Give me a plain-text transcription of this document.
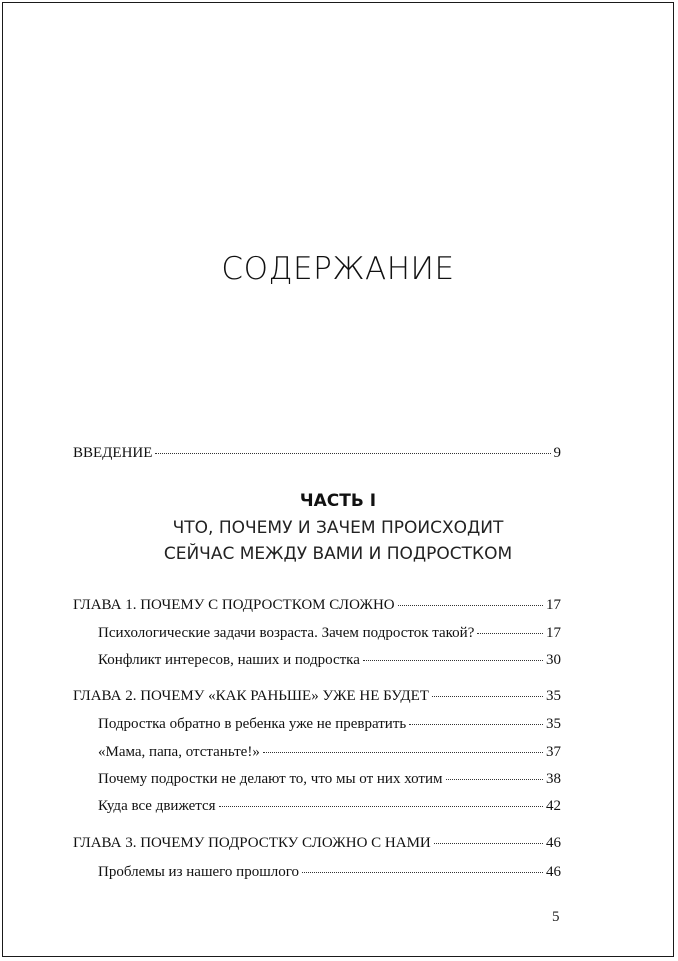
СОДЕРЖАНИЕ
ВВЕДЕНИЕ	9
ЧАСТЬ I
ЧТО, ПОЧЕМУ И ЗАЧЕМ ПРОИСХОДИТ
СЕЙЧАС МЕЖДУ ВАМИ И ПОДРОСТКОМ
ГЛАВА 1. ПОЧЕМУ С ПОДРОСТКОМ СЛОЖНО	17
Психологические задачи возраста. Зачем подросток такой?	17
Конфликт интересов, наших и подростка	30
ГЛАВА 2. ПОЧЕМУ «КАК РАНЬШЕ» УЖЕ НЕ БУДЕТ	35
Подростка обратно в ребенка уже не превратить	35
«Мама, папа, отстаньте!»	37
Почему подростки не делают то, что мы от них хотим	38
Куда все движется	42
ГЛАВА 3. ПОЧЕМУ ПОДРОСТКУ СЛОЖНО С НАМИ	46
Проблемы из нашего прошлого	46
5
